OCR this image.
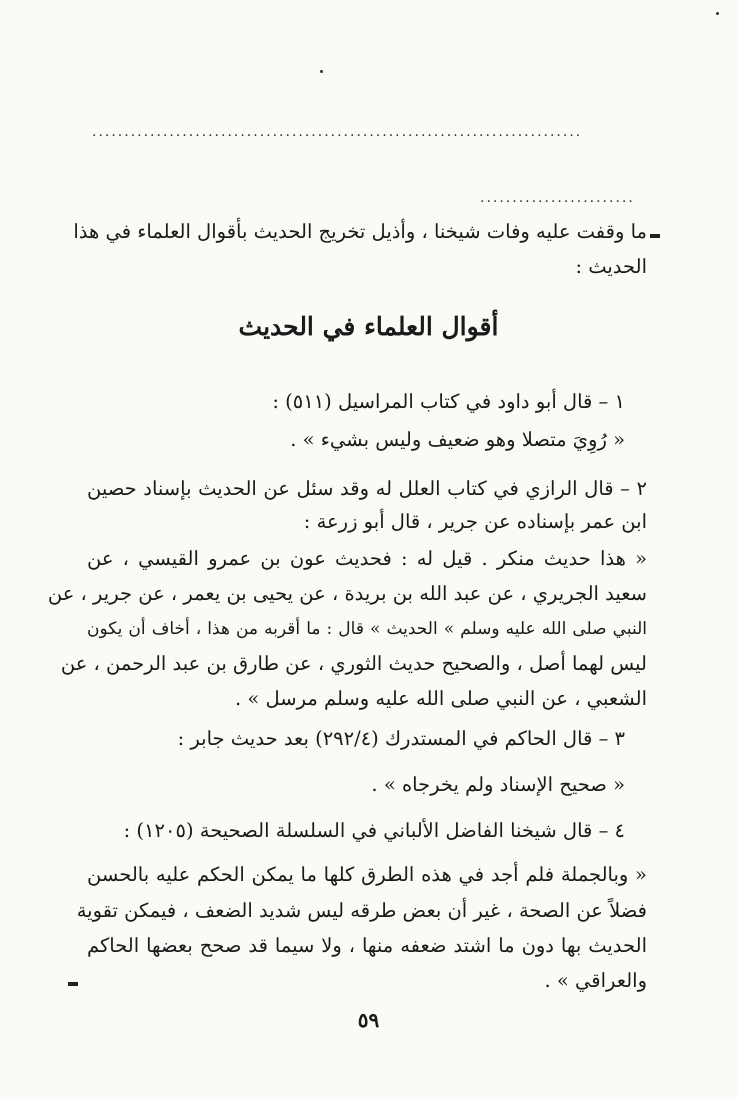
............................................................................
........................
ما وقفت عليه وفات شيخنا ، وأذيل تخريج الحديث بأقوال العلماء في هذا
الحديث :
أقوال العلماء في الحديث
١ – قال أبو داود في كتاب المراسيل (٥١١) :
« رُوِيَ متصلا وهو ضعيف وليس بشيء » .
٢ – قال الرازي في كتاب العلل له وقد سئل عن الحديث بإسناد حصين
ابن عمر بإسناده عن جرير ، قال أبو زرعة :
« هذا حديث منكر . قيل له : فحديث عون بن عمرو القيسي ، عن
سعيد الجريري ، عن عبد الله بن بريدة ، عن يحيى بن يعمر ، عن جرير ، عن
النبي صلى الله عليه وسلم » الحديث » قال : ما أقربه من هذا ، أخاف أن يكون
ليس لهما أصل ، والصحيح حديث الثوري ، عن طارق بن عبد الرحمن ، عن
الشعبي ، عن النبي صلى الله عليه وسلم مرسل » .
٣ – قال الحاكم في المستدرك (٢٩٢/٤) بعد حديث جابر :
« صحيح الإسناد ولم يخرجاه » .
٤ – قال شيخنا الفاضل الألباني في السلسلة الصحيحة (١٢٠٥) :
« وبالجملة فلم أجد في هذه الطرق كلها ما يمكن الحكم عليه بالحسن
فضلاً عن الصحة ، غير أن بعض طرقه ليس شديد الضعف ، فيمكن تقوية
الحديث بها دون ما اشتد ضعفه منها ، ولا سيما قد صحح بعضها الحاكم
والعراقي » .
٥٩
